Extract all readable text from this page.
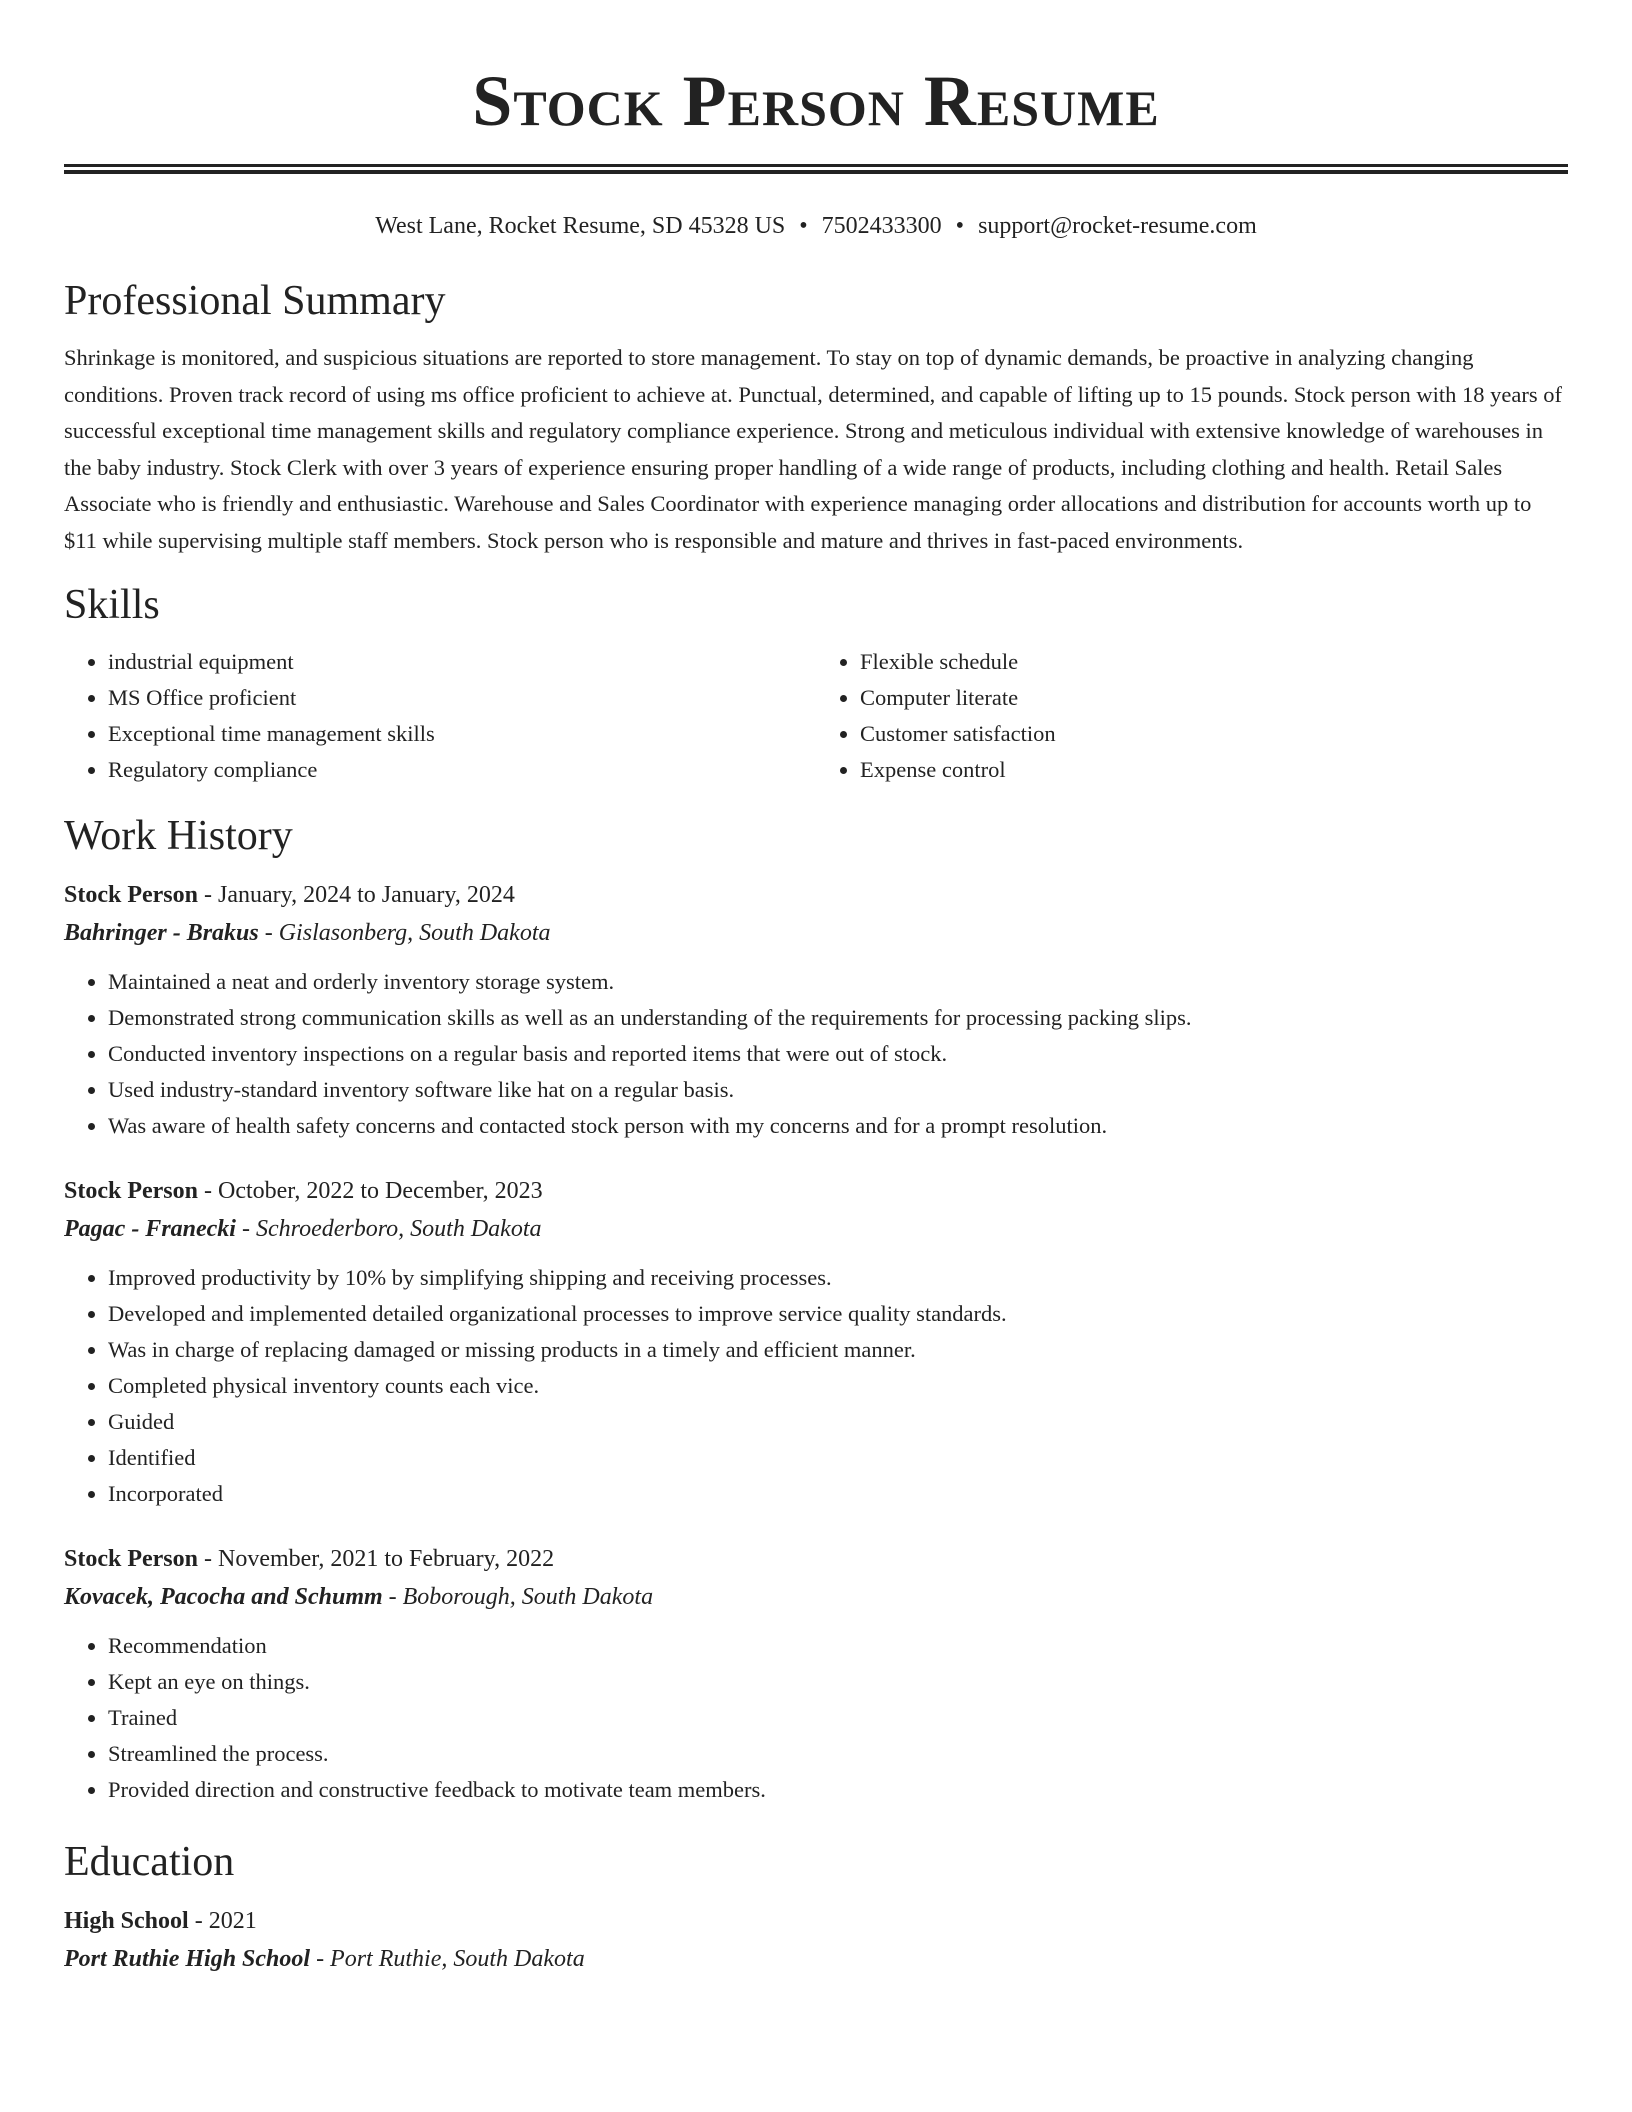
Stock Person Resume
West Lane, Rocket Resume, SD 45328 US • 7502433300 • support@rocket-resume.com
Professional Summary

Shrinkage is monitored, and suspicious situations are reported to store management. To stay on top of dynamic demands, be proactive in analyzing changing conditions. Proven track record of using ms office proficient to achieve at. Punctual, determined, and capable of lifting up to 15 pounds. Stock person with 18 years of successful exceptional time management skills and regulatory compliance experience. Strong and meticulous individual with extensive knowledge of warehouses in the baby industry. Stock Clerk with over 3 years of experience ensuring proper handling of a wide range of products, including clothing and health. Retail Sales Associate who is friendly and enthusiastic. Warehouse and Sales Coordinator with experience managing order allocations and distribution for accounts worth up to $11 while supervising multiple staff members. Stock person who is responsible and mature and thrives in fast-paced environments.

Skills
• industrial equipment
• MS Office proficient
• Exceptional time management skills
• Regulatory compliance
• Flexible schedule
• Computer literate
• Customer satisfaction
• Expense control
Work History
Stock Person - January, 2024 to January, 2024
Bahringer - Brakus - Gislasonberg, South Dakota
• Maintained a neat and orderly inventory storage system.
• Demonstrated strong communication skills as well as an understanding of the requirements for processing packing slips.
• Conducted inventory inspections on a regular basis and reported items that were out of stock.
• Used industry-standard inventory software like hat on a regular basis.
• Was aware of health safety concerns and contacted stock person with my concerns and for a prompt resolution.
Stock Person - October, 2022 to December, 2023
Pagac - Franecki - Schroederboro, South Dakota
• Improved productivity by 10% by simplifying shipping and receiving processes.
• Developed and implemented detailed organizational processes to improve service quality standards.
• Was in charge of replacing damaged or missing products in a timely and efficient manner.
• Completed physical inventory counts each vice.
• Guided
• Identified
• Incorporated
Stock Person - November, 2021 to February, 2022
Kovacek, Pacocha and Schumm - Boborough, South Dakota
• Recommendation
• Kept an eye on things.
• Trained
• Streamlined the process.
• Provided direction and constructive feedback to motivate team members.
Education
High School - 2021
Port Ruthie High School - Port Ruthie, South Dakota
